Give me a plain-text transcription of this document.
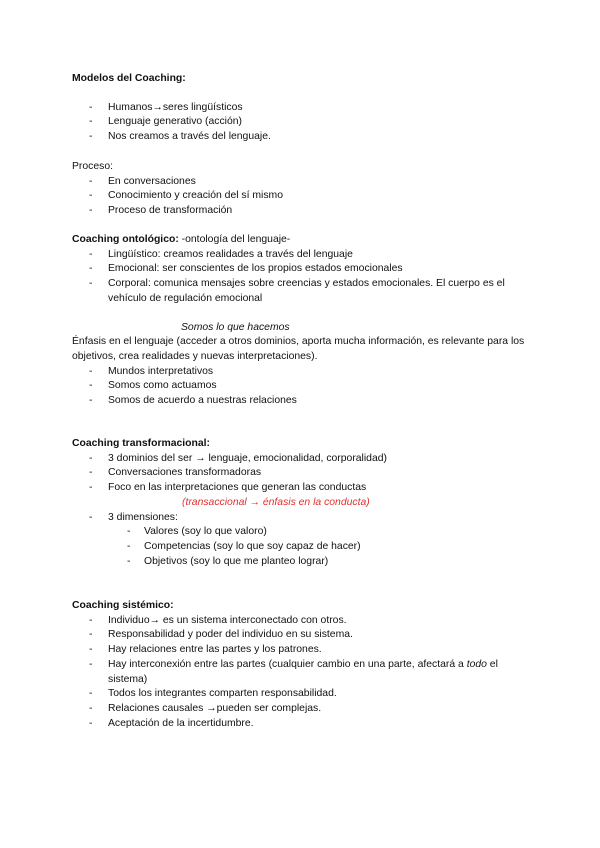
Modelos del Coaching:

- Humanos→seres lingüísticos
- Lenguaje generativo (acción)
- Nos creamos a través del lenguaje.

Proceso:

- En conversaciones
- Conocimiento y creación del sí mismo
- Proceso de transformación

Coaching ontológico: -ontología del lenguaje-

- Lingüístico: creamos realidades a través del lenguaje
- Emocional: ser conscientes de los propios estados emocionales
- Corporal: comunica mensajes sobre creencias y estados emocionales. El cuerpo es el vehículo de regulación emocional

Somos lo que hacemos

Énfasis en el lenguaje (acceder a otros dominios, aporta mucha información, es relevante para los objetivos, crea realidades y nuevas interpretaciones).

- Mundos interpretativos
- Somos como actuamos
- Somos de acuerdo a nuestras relaciones

Coaching transformacional:

- 3 dominios del ser → lenguaje, emocionalidad, corporalidad)
- Conversaciones transformadoras
- Foco en las interpretaciones que generan las conductas
(transaccional → énfasis en la conducta)
- 3 dimensiones:
- Valores (soy lo que valoro)
- Competencias (soy lo que soy capaz de hacer)
- Objetivos (soy lo que me planteo lograr)

Coaching sistémico:

- Individuo→ es un sistema interconectado con otros.
- Responsabilidad y poder del individuo en su sistema.
- Hay relaciones entre las partes y los patrones.
- Hay interconexión entre las partes (cualquier cambio en una parte, afectará a todo el sistema)
- Todos los integrantes comparten responsabilidad.
- Relaciones causales →pueden ser complejas.
- Aceptación de la incertidumbre.
